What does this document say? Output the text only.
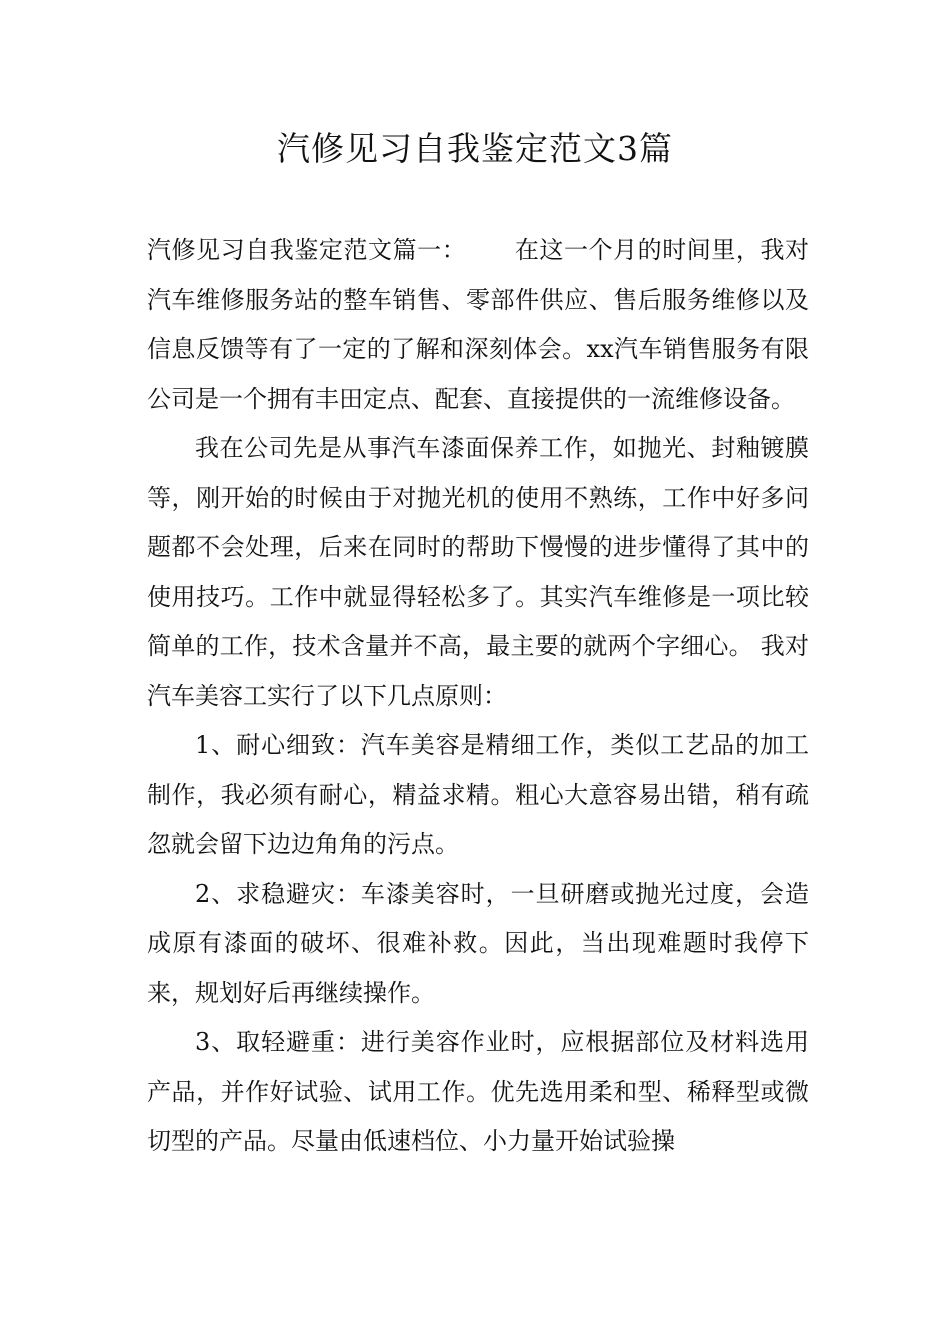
汽修见习自我鉴定范文3篇

汽修见习自我鉴定范文篇一： 在这一个月的时间里，我对汽车维修服务站的整车销售、零部件供应、售后服务维修以及信息反馈等有了一定的了解和深刻体会。xx汽车销售服务有限公司是一个拥有丰田定点、配套、直接提供的一流维修设备。

我在公司先是从事汽车漆面保养工作，如抛光、封釉镀膜等，刚开始的时候由于对抛光机的使用不熟练，工作中好多问题都不会处理，后来在同时的帮助下慢慢的进步懂得了其中的使用技巧。工作中就显得轻松多了。其实汽车维修是一项比较简单的工作，技术含量并不高，最主要的就两个字细心。 我对汽车美容工实行了以下几点原则：

1、耐心细致：汽车美容是精细工作，类似工艺品的加工制作，我必须有耐心，精益求精。粗心大意容易出错，稍有疏忽就会留下边边角角的污点。

2、求稳避灾：车漆美容时，一旦研磨或抛光过度，会造成原有漆面的破坏、很难补救。因此，当出现难题时我停下来，规划好后再继续操作。

3、取轻避重：进行美容作业时，应根据部位及材料选用产品，并作好试验、试用工作。优先选用柔和型、稀释型或微切型的产品。尽量由低速档位、小力量开始试验操
